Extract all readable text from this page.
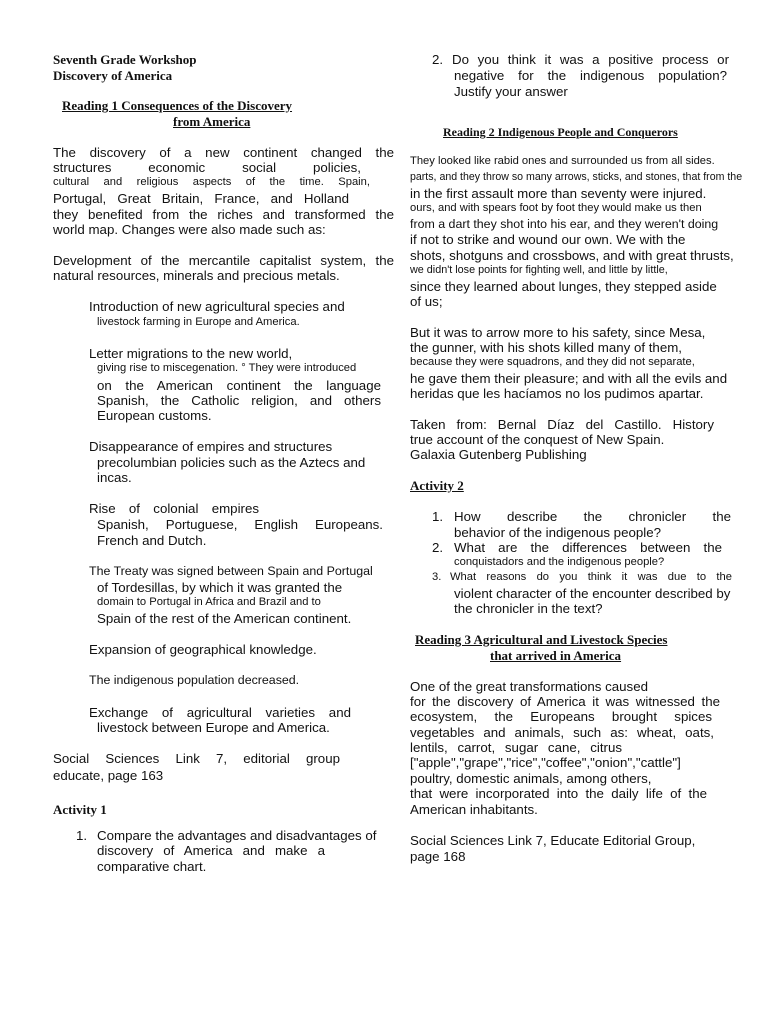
Seventh Grade Workshop
Discovery of America
Reading 1 Consequences of the Discovery
from America
The discovery of a new continent changed the
structures economic social policies,
cultural and religious aspects of the time. Spain,
Portugal, Great Britain, France, and Holland
they benefited from the riches and transformed the
world map. Changes were also made such as:
Development of the mercantile capitalist system, the
natural resources, minerals and precious metals.
Introduction of new agricultural species and
livestock farming in Europe and America.
Letter migrations to the new world,
giving rise to miscegenation. ° They were introduced
on the American continent the language
Spanish, the Catholic religion, and others
European customs.
Disappearance of empires and structures
precolumbian policies such as the Aztecs and
incas.
Rise of colonial empires
Spanish, Portuguese, English Europeans.
French and Dutch.
The Treaty was signed between Spain and Portugal
of Tordesillas, by which it was granted the
domain to Portugal in Africa and Brazil and to
Spain of the rest of the American continent.
Expansion of geographical knowledge.
The indigenous population decreased.
Exchange of agricultural varieties and
livestock between Europe and America.
Social Sciences Link 7, editorial group
educate, page 163
Activity 1
1. Compare the advantages and disadvantages of
discovery of America and make a
comparative chart.
2. Do you think it was a positive process or
negative for the indigenous population?
Justify your answer
Reading 2 Indigenous People and Conquerors
They looked like rabid ones and surrounded us from all sides.
parts, and they throw so many arrows, sticks, and stones, that from the
in the first assault more than seventy were injured.
ours, and with spears foot by foot they would make us then
from a dart they shot into his ear, and they weren't doing
if not to strike and wound our own. We with the
shots, shotguns and crossbows, and with great thrusts,
we didn't lose points for fighting well, and little by little,
since they learned about lunges, they stepped aside
of us;
But it was to arrow more to his safety, since Mesa,
the gunner, with his shots killed many of them,
because they were squadrons, and they did not separate,
he gave them their pleasure; and with all the evils and
heridas que les hacíamos no los pudimos apartar.
Taken from: Bernal Díaz del Castillo. History
true account of the conquest of New Spain.
Galaxia Gutenberg Publishing
Activity 2
1. How describe the chronicler the
behavior of the indigenous people?
2. What are the differences between the
conquistadors and the indigenous people?
3. What reasons do you think it was due to the
violent character of the encounter described by
the chronicler in the text?
Reading 3 Agricultural and Livestock Species
that arrived in America
One of the great transformations caused
for the discovery of America it was witnessed the
ecosystem, the Europeans brought spices
vegetables and animals, such as: wheat, oats,
lentils, carrot, sugar cane, citrus
["apple","grape","rice","coffee","onion","cattle"]
poultry, domestic animals, among others,
that were incorporated into the daily life of the
American inhabitants.
Social Sciences Link 7, Educate Editorial Group,
page 168
